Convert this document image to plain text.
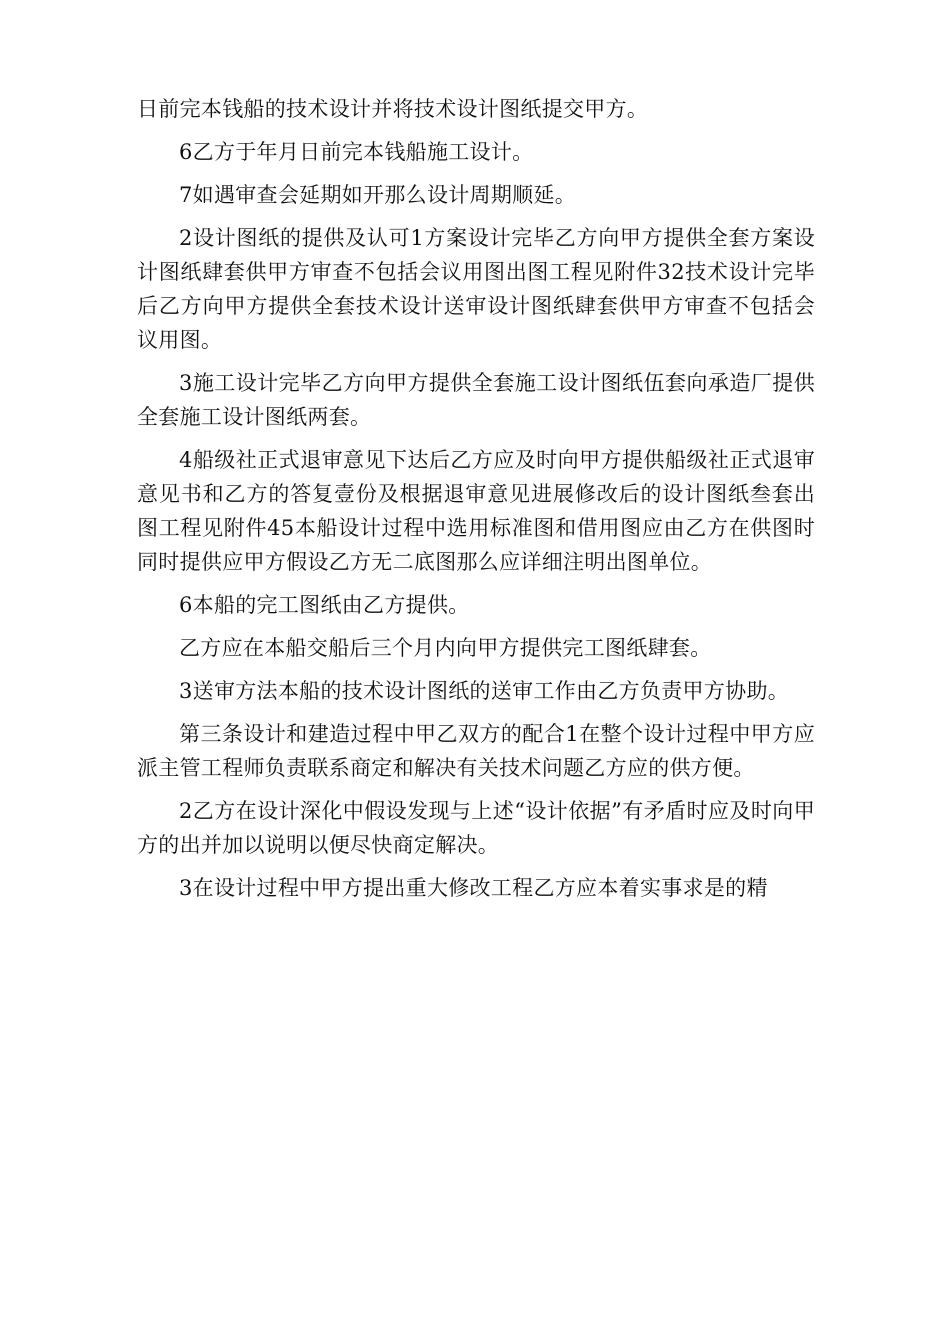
日前完本钱船的技术设计并将技术设计图纸提交甲方。

6乙方于年月日前完本钱船施工设计。

7如遇审查会延期如开那么设计周期顺延。

2设计图纸的提供及认可1方案设计完毕乙方向甲方提供全套方案设计图纸肆套供甲方审查不包括会议用图出图工程见附件32技术设计完毕后乙方向甲方提供全套技术设计送审设计图纸肆套供甲方审查不包括会议用图。

3施工设计完毕乙方向甲方提供全套施工设计图纸伍套向承造厂提供全套施工设计图纸两套。

4船级社正式退审意见下达后乙方应及时向甲方提供船级社正式退审意见书和乙方的答复壹份及根据退审意见进展修改后的设计图纸叁套出图工程见附件45本船设计过程中选用标准图和借用图应由乙方在供图时同时提供应甲方假设乙方无二底图那么应详细注明出图单位。

6本船的完工图纸由乙方提供。

乙方应在本船交船后三个月内向甲方提供完工图纸肆套。

3送审方法本船的技术设计图纸的送审工作由乙方负责甲方协助。

第三条设计和建造过程中甲乙双方的配合1在整个设计过程中甲方应派主管工程师负责联系商定和解决有关技术问题乙方应的供方便。

2乙方在设计深化中假设发现与上述“设计依据”有矛盾时应及时向甲方的出并加以说明以便尽快商定解决。

3在设计过程中甲方提出重大修改工程乙方应本着实事求是的精
